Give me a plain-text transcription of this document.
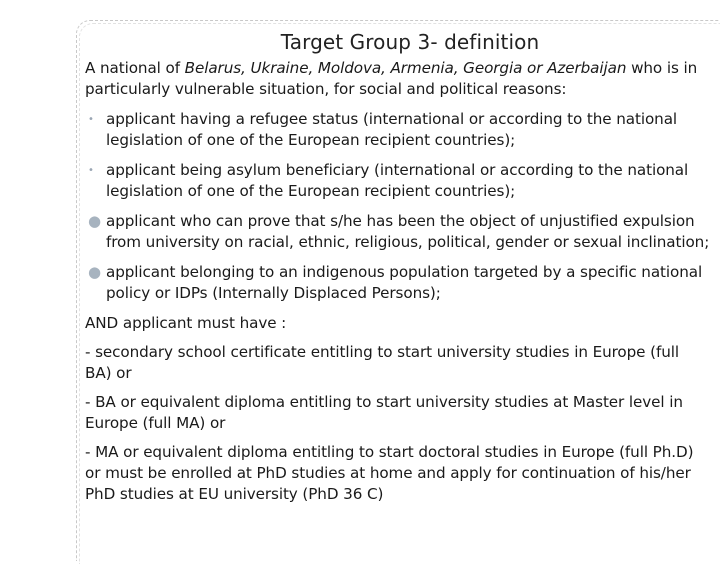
Target Group 3- definition

A national of Belarus, Ukraine, Moldova, Armenia, Georgia or Azerbaijan who is in particularly vulnerable situation, for social and political reasons:

• applicant having a refugee status (international or according to the national legislation of one of the European recipient countries);
• applicant being asylum beneficiary (international or according to the national legislation of one of the European recipient countries);
● applicant who can prove that s/he has been the object of unjustified expulsion from university on racial, ethnic, religious, political, gender or sexual inclination;
● applicant belonging to an indigenous population targeted by a specific national policy or IDPs (Internally Displaced Persons);

AND applicant must have :

- secondary school certificate entitling to start university studies in Europe (full BA) or

- BA or equivalent diploma entitling to start university studies at Master level in Europe (full MA) or

- MA or equivalent diploma entitling to start doctoral studies in Europe (full Ph.D) or must be enrolled at PhD studies at home and apply for continuation of his/her PhD studies at EU university (PhD 36 C)
